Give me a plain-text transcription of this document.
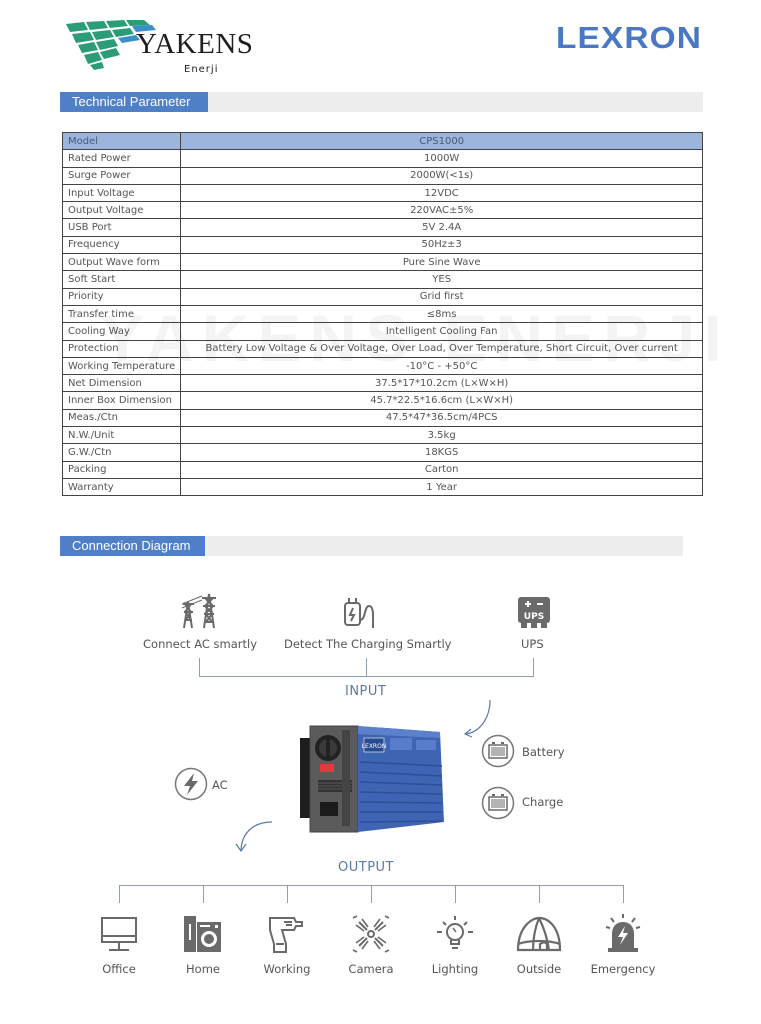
YAKENS
Enerji
LEXRON
Technical Parameter
Model	CPS1000
Rated Power	1000W
Surge Power	2000W(<1s)
Input Voltage	12VDC
Output Voltage	220VAC±5%
USB Port	5V 2.4A
Frequency	50Hz±3
Output Wave form	Pure Sine Wave
Soft Start	YES
Priority	Grid first
Transfer time	≤8ms
Cooling Way	Intelligent Cooling Fan
Protection	Battery Low Voltage & Over Voltage, Over Load, Over Temperature, Short Circuit, Over current
Working Temperature	-10°C - +50°C
Net Dimension	37.5*17*10.2cm (L×W×H)
Inner Box Dimension	45.7*22.5*16.6cm (L×W×H)
Meas./Ctn	47.5*47*36.5cm/4PCS
N.W./Unit	3.5kg
G.W./Ctn	18KGS
Packing	Carton
Warranty	1 Year
Connection Diagram
UPS
Connect AC smartly Detect The Charging Smartly	UPS
INPUT
LEXRON
AC
Battery
Charge
OUTPUT
Office	Home	Working	Camera	Lighting	Outside	Emergency
